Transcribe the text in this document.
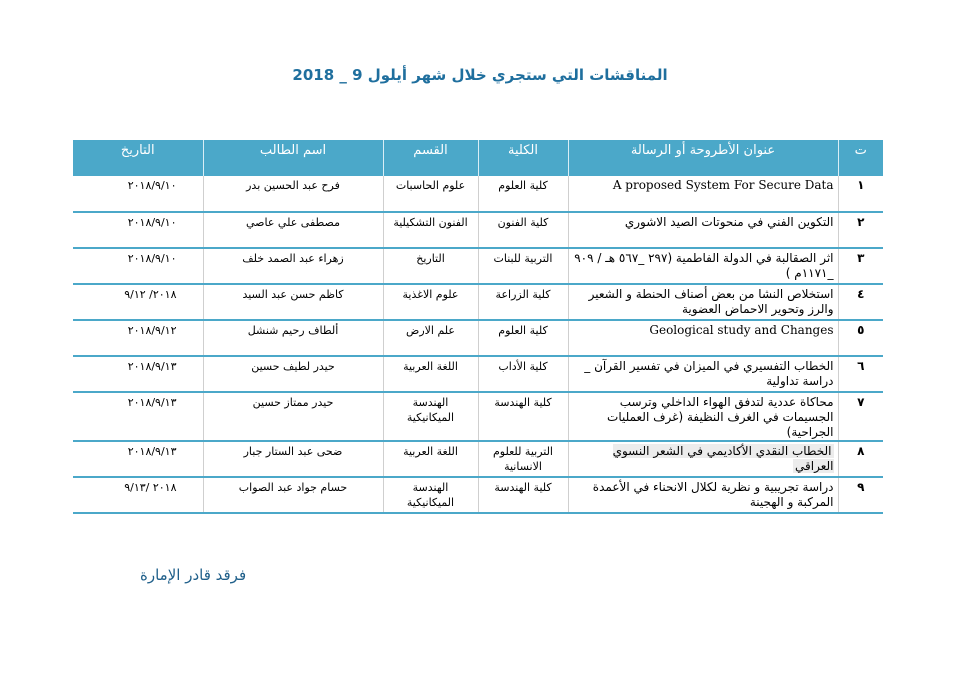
المناقشات التي ستجري خلال شهر أيلول 9 _ 2018
ت	عنوان الأطروحة أو الرسالة	الكلية	القسم	اسم الطالب	التاريخ
١	A proposed System For Secure Data	كلية العلوم	علوم الحاسبات	فرح عبد الحسين بدر	٢٠١٨/٩/١٠
٢	التكوين الفني في منحوتات الصيد الاشوري	كلية الفنون	الفنون التشكيلية	مصطفى علي عاصي	٢٠١٨/٩/١٠
٣	اثر الصقالبة في الدولة الفاطمية (٢٩٧ _٥٦٧ هـ / ٩٠٩ _١١٧١م )	التربية للبنات	التاريخ	زهراء عبد الصمد خلف	٢٠١٨/٩/١٠
٤	استخلاص النشا من بعض أصناف الحنطة و الشعير والرز وتحوير الاحماض العضوية	كلية الزراعة	علوم الاغذية	كاظم حسن عبد السيد	٢٠١٨/ ٩/١٢
٥	Geological study and Changes	كلية العلوم	علم الارض	ألطاف رحيم شنشل	٢٠١٨/٩/١٢
٦	الخطاب التفسيري في الميزان في تفسير القرآن _ دراسة تداولية	كلية الأداب	اللغة العربية	حيدر لطيف حسين	٢٠١٨/٩/١٣
٧	محاكاة عددية لتدفق الهواء الداخلي وترسب الجسيمات في الغرف النظيفة (غرف العمليات الجراحية)	كلية الهندسة	الهندسة الميكانيكية	حيدر ممتاز حسين	٢٠١٨/٩/١٣
٨	الخطاب النقدي الأكاديمي في الشعر النسوي العراقي	التربية للعلوم الانسانية	اللغة العربية	ضحى عبد الستار جبار	٢٠١٨/٩/١٣
٩	دراسة تجريبية و نظرية لكلال الانحناء في الأعمدة المركبة و الهجينة	كلية الهندسة	الهندسة الميكانيكية	حسام جواد عبد الصواب	٢٠١٨ /٩/١٣
فرقد قادر الإمارة
